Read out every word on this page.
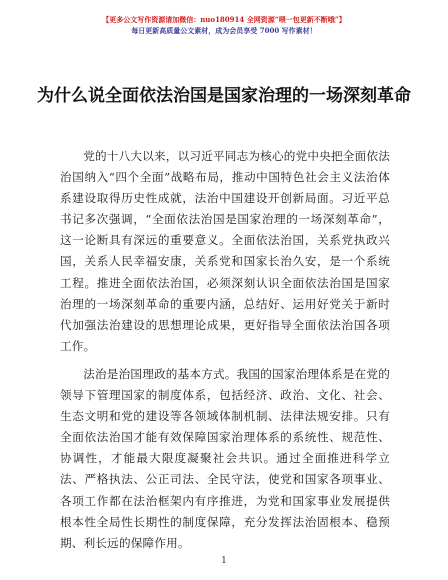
【更多公文写作资源请加微信：nuo180914 全网资源“喂一包更新不断哦”】
每日更新高质量公文素材，成为会员享受 7000 写作素材！
为什么说全面依法治国是国家治理的一场深刻革命

党的十八大以来，以习近平同志为核心的党中央把全面依法治国纳入“四个全面”战略布局，推动中国特色社会主义法治体系建设取得历史性成就，法治中国建设开创新局面。习近平总书记多次强调，“全面依法治国是国家治理的一场深刻革命”，这一论断具有深远的重要意义。全面依法治国，关系党执政兴国，关系人民幸福安康，关系党和国家长治久安，是一个系统工程。推进全面依法治国，必须深刻认识全面依法治国是国家治理的一场深刻革命的重要内涵，总结好、运用好党关于新时代加强法治建设的思想理论成果，更好指导全面依法治国各项工作。

法治是治国理政的基本方式。我国的国家治理体系是在党的领导下管理国家的制度体系，包括经济、政治、文化、社会、生态文明和党的建设等各领域体制机制、法律法规安排。只有全面依法治国才能有效保障国家治理体系的系统性、规范性、协调性，才能最大限度凝聚社会共识。通过全面推进科学立法、严格执法、公正司法、全民守法，使党和国家各项事业、各项工作都在法治框架内有序推进，为党和国家事业发展提供根本性全局性长期性的制度保障，充分发挥法治固根本、稳预期、利长远的保障作用。

1
